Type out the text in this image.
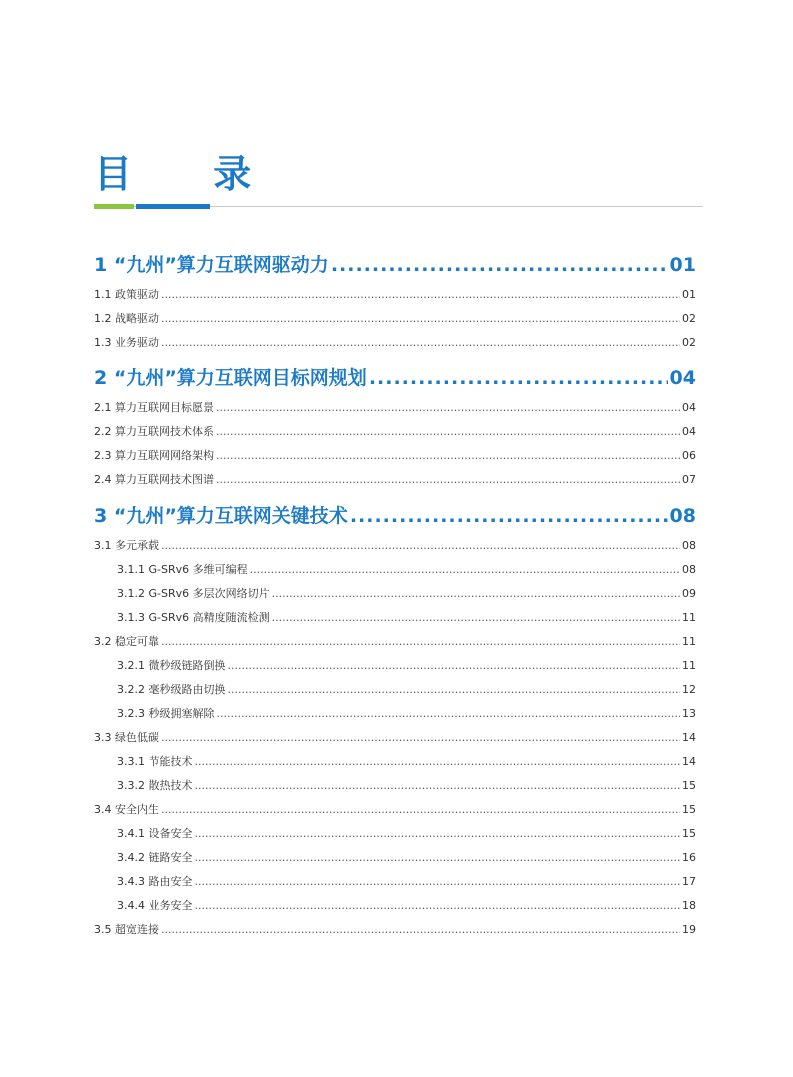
目 录
1 “九州”算力互联网驱动力 .....	01
1.1 政策驱动 .....	01
1.2 战略驱动 .....	02
1.3 业务驱动 .....	02
2 “九州”算力互联网目标网规划 .....	04
2.1 算力互联网目标愿景 .....	04
2.2 算力互联网技术体系 .....	04
2.3 算力互联网网络架构 .....	06
2.4 算力互联网技术图谱 .....	07
3 “九州”算力互联网关键技术 .....	08
3.1 多元承载 .....	08
3.1.1 G-SRv6 多维可编程 .....	08
3.1.2 G-SRv6 多层次网络切片 .....	09
3.1.3 G-SRv6 高精度随流检测 .....	11
3.2 稳定可靠 .....	11
3.2.1 微秒级链路倒换 .....	11
3.2.2 毫秒级路由切换 .....	12
3.2.3 秒级拥塞解除 .....	13
3.3 绿色低碳 .....	14
3.3.1 节能技术 .....	14
3.3.2 散热技术 .....	15
3.4 安全内生 .....	15
3.4.1 设备安全 .....	15
3.4.2 链路安全 .....	16
3.4.3 路由安全 .....	17
3.4.4 业务安全 .....	18
3.5 超宽连接 .....	19
